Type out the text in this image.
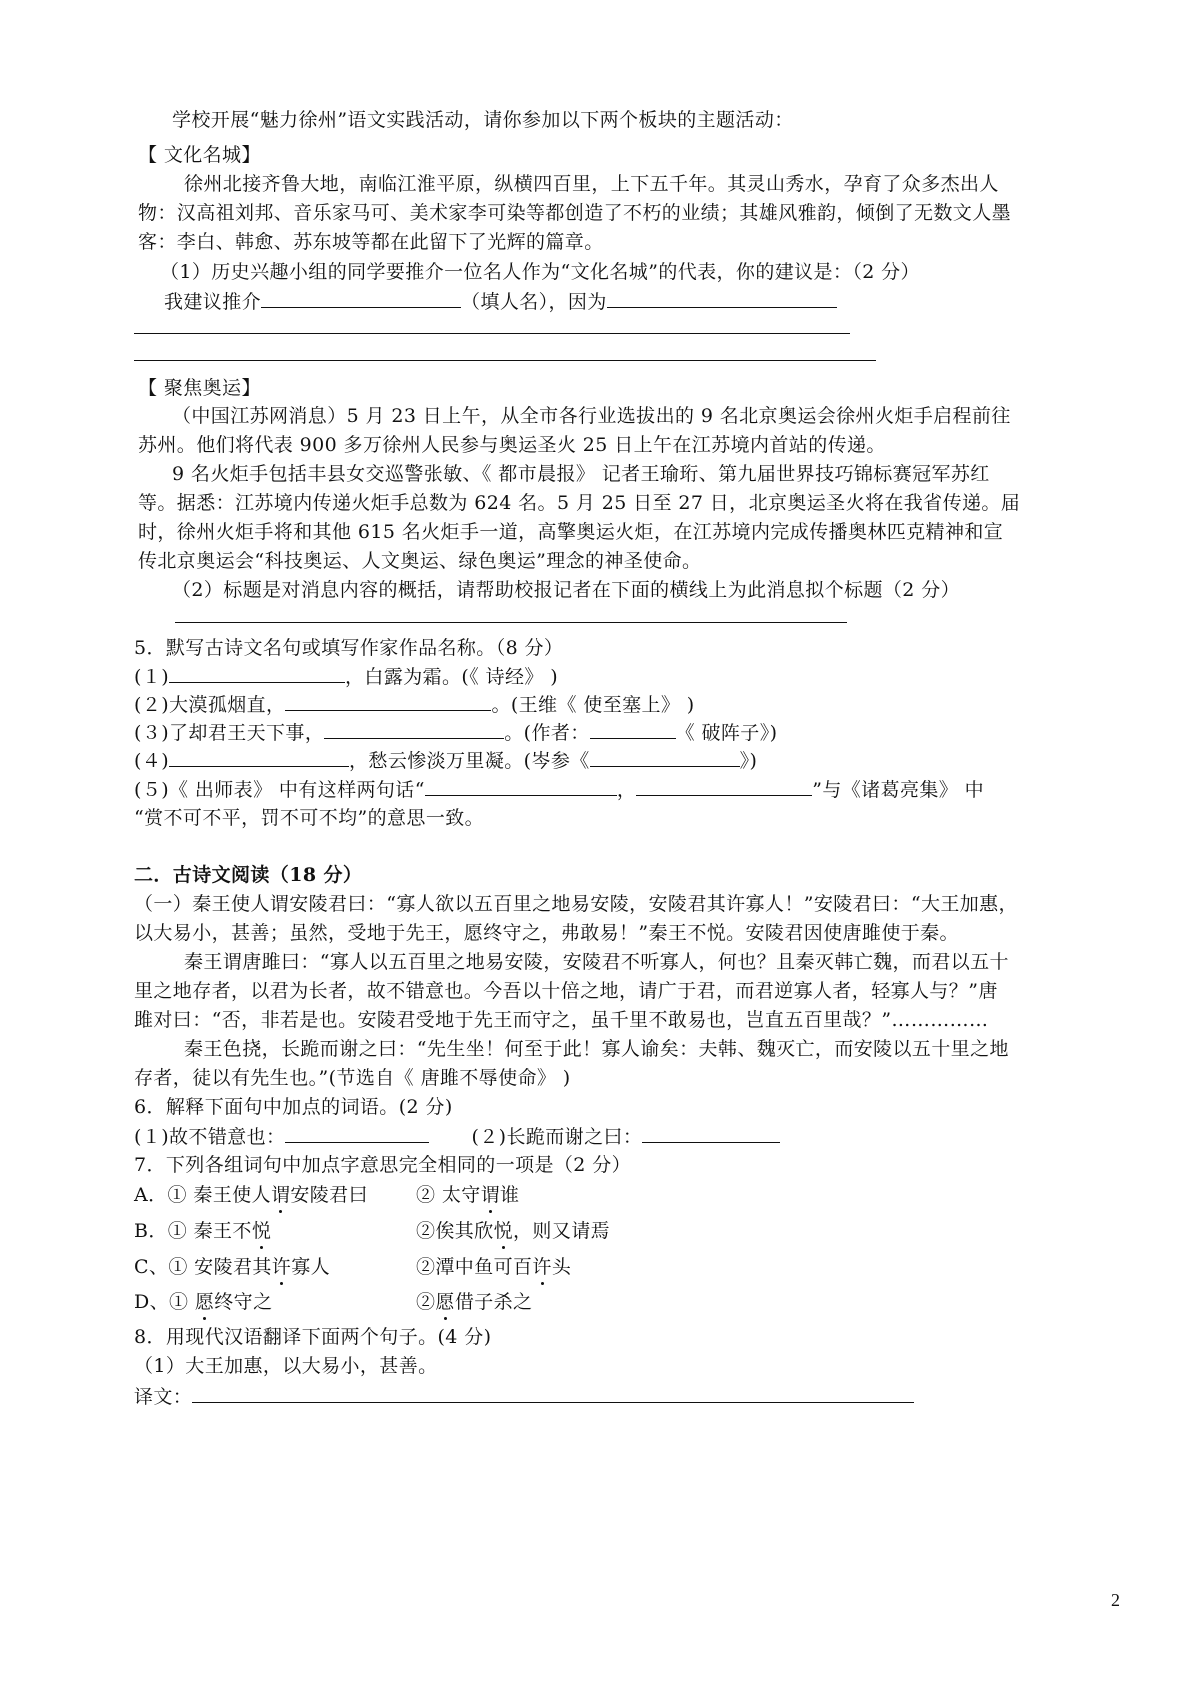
学校开展“魅力徐州”语文实践活动，请你参加以下两个板块的主题活动：
【 文化名城】
徐州北接齐鲁大地，南临江淮平原，纵横四百里，上下五千年。其灵山秀水，孕育了众多杰出人
物：汉高祖刘邦、音乐家马可、美术家李可染等都创造了不朽的业绩；其雄风雅韵，倾倒了无数文人墨
客：李白、韩愈、苏东坡等都在此留下了光辉的篇章。
（1）历史兴趣小组的同学要推介一位名人作为“文化名城”的代表，你的建议是：（2 分）
我建议推介	（填人名），因为
【 聚焦奥运】
（中国江苏网消息）5 月 23 日上午，从全市各行业选拔出的 9 名北京奥运会徐州火炬手启程前往
苏州。他们将代表 900 多万徐州人民参与奥运圣火 25 日上午在江苏境内首站的传递。
9 名火炬手包括丰县女交巡警张敏、《 都市晨报》 记者王瑜珩、第九届世界技巧锦标赛冠军苏红
等。据悉：江苏境内传递火炬手总数为 624 名。5 月 25 日至 27 日，北京奥运圣火将在我省传递。届
时，徐州火炬手将和其他 615 名火炬手一道，高擎奥运火炬，在江苏境内完成传播奥林匹克精神和宣
传北京奥运会“科技奥运、人文奥运、绿色奥运”理念的神圣使命。
（2）标题是对消息内容的概括，请帮助校报记者在下面的横线上为此消息拟个标题（2 分）
5．默写古诗文名句或填写作家作品名称。（8 分）
(１)	，白露为霜。(《 诗经》 )
(２)大漠孤烟直，	。(王维《 使至塞上》 )
(３)了却君王天下事，	。(作者：	《 破阵子》)
(４)	，愁云惨淡万里凝。(岑参《	》)
(５)《 出师表》 中有这样两句话“	，	”与《诸葛亮集》 中
“赏不可不平，罚不可不均”的意思一致。
二．古诗文阅读（18 分）
（一）秦王使人谓安陵君曰：“寡人欲以五百里之地易安陵，安陵君其许寡人！”安陵君曰：“大王加惠，
以大易小，甚善；虽然，受地于先王，愿终守之，弗敢易！”秦王不悦。安陵君因使唐雎使于秦。
秦王谓唐雎曰：“寡人以五百里之地易安陵，安陵君不听寡人，何也？且秦灭韩亡魏，而君以五十
里之地存者，以君为长者，故不错意也。今吾以十倍之地，请广于君，而君逆寡人者，轻寡人与？”唐
雎对曰：“否，非若是也。安陵君受地于先王而守之，虽千里不敢易也，岂直五百里哉？”……………
秦王色挠，长跪而谢之曰：“先生坐！何至于此！寡人谕矣：夫韩、魏灭亡，而安陵以五十里之地
存者，徒以有先生也。”(节选自《 唐雎不辱使命》 )
6．解释下面句中加点的词语。(2 分)
(１)故不错意也：	(２)长跪而谢之曰：
7．下列各组词句中加点字意思完全相同的一项是（2 分）
A．① 秦王使人谓安陵君曰	② 太守谓谁
B．① 秦王不悦	②俟其欣悦，则又请焉
C、① 安陵君其许寡人	②潭中鱼可百许头
D、① 愿终守之	②愿借子杀之
8．用现代汉语翻译下面两个句子。(4 分)
（1）大王加惠，以大易小，甚善。
译文：
2
